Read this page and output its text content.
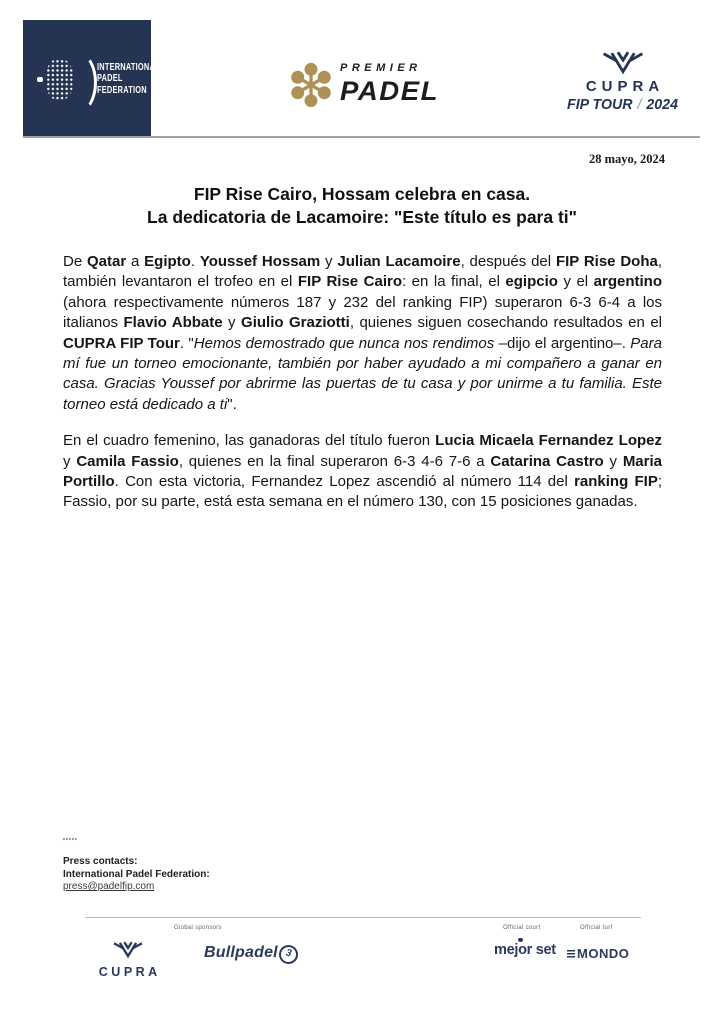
INTERNATIONAL
PADEL
FEDERATION
PREMIER
PADEL	CUPRA
FIP TOUR / 2024
28 mayo, 2024
FIP Rise Cairo, Hossam celebra en casa.
La dedicatoria de Lacamoire: "Este título es para ti"

De Qatar a Egipto. Youssef Hossam y Julian Lacamoire, después del FIP Rise Doha, también levantaron el trofeo en el FIP Rise Cairo: en la final, el egipcio y el argentino (ahora respectivamente números 187 y 232 del ranking FIP) superaron 6-3 6-4 a los italianos Flavio Abbate y Giulio Graziotti, quienes siguen cosechando resultados en el CUPRA FIP Tour. "Hemos demostrado que nunca nos rendimos –dijo el argentino–. Para mí fue un torneo emocionante, también por haber ayudado a mi compañero a ganar en casa. Gracias Youssef por abrirme las puertas de tu casa y por unirme a tu familia. Este torneo está dedicado a ti".

En el cuadro femenino, las ganadoras del título fueron Lucia Micaela Fernandez Lopez y Camila Fassio, quienes en la final superaron 6-3 4-6 7-6 a Catarina Castro y Maria Portillo. Con esta victoria, Fernandez Lopez ascendió al número 114 del ranking FIP; Fassio, por su parte, está esta semana en el número 130, con 15 posiciones ganadas.

*****
Press contacts:
International Padel Federation:
press@padelfip.com
Global sponsors	Official court	Official turf
CUPRA
Bullpadel 3	mejor set	MONDO
